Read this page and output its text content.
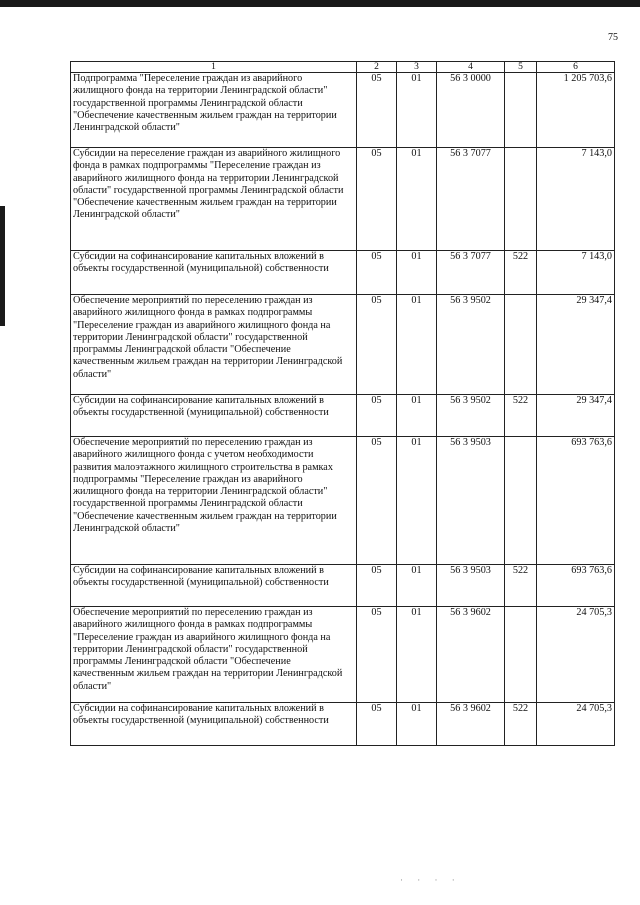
75
1	2	3	4	5	6
Подпрограмма "Переселение граждан из аварийного жилищного фонда на территории Ленинградской области" государственной программы Ленинградской области "Обеспечение качественным жильем граждан на территории Ленинградской области"	05	01	56 3 0000		1 205 703,6
Субсидии на переселение граждан из аварийного жилищного фонда в рамках подпрограммы "Переселение граждан из аварийного жилищного фонда на территории Ленинградской области" государственной программы Ленинградской области "Обеспечение качественным жильем граждан на территории Ленинградской области"	05	01	56 3 7077		7 143,0
Субсидии на софинансирование капитальных вложений в объекты государственной (муниципальной) собственности	05	01	56 3 7077	522	7 143,0
Обеспечение мероприятий по переселению граждан из аварийного жилищного фонда в рамках подпрограммы "Переселение граждан из аварийного жилищного фонда на территории Ленинградской области" государственной программы Ленинградской области "Обеспечение качественным жильем граждан на территории Ленинградской области"	05	01	56 3 9502		29 347,4
Субсидии на софинансирование капитальных вложений в объекты государственной (муниципальной) собственности	05	01	56 3 9502	522	29 347,4
Обеспечение мероприятий по переселению граждан из аварийного жилищного фонда с учетом необходимости развития малоэтажного жилищного строительства в рамках подпрограммы "Переселение граждан из аварийного жилищного фонда на территории Ленинградской области" государственной программы Ленинградской области "Обеспечение качественным жильем граждан на территории Ленинградской области"	05	01	56 3 9503		693 763,6
Субсидии на софинансирование капитальных вложений в объекты государственной (муниципальной) собственности	05	01	56 3 9503	522	693 763,6
Обеспечение мероприятий по переселению граждан из аварийного жилищного фонда в рамках подпрограммы "Переселение граждан из аварийного жилищного фонда на территории Ленинградской области" государственной программы Ленинградской области "Обеспечение качественным жильем граждан на территории Ленинградской области"	05	01	56 3 9602		24 705,3
Субсидии на софинансирование капитальных вложений в объекты государственной (муниципальной) собственности	05	01	56 3 9602	522	24 705,3
· · · ·
